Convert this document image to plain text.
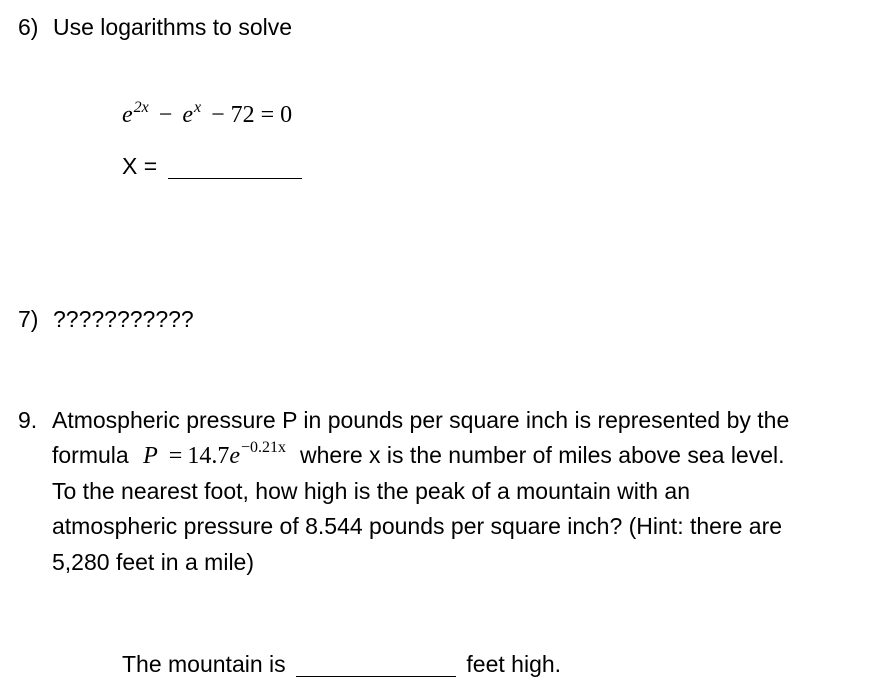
6) Use logarithms to solve
$e^{2x} - e^x - 72 = 0$
X =
7) ???????????
9. Atmospheric pressure P in pounds per square inch is represented by the
formula $P = 14.7e^{-0.21x}$ where x is the number of miles above sea level.
To the nearest foot, how high is the peak of a mountain with an
atmospheric pressure of 8.544 pounds per square inch? (Hint: there are
5,280 feet in a mile)
The mountain is	feet high.
